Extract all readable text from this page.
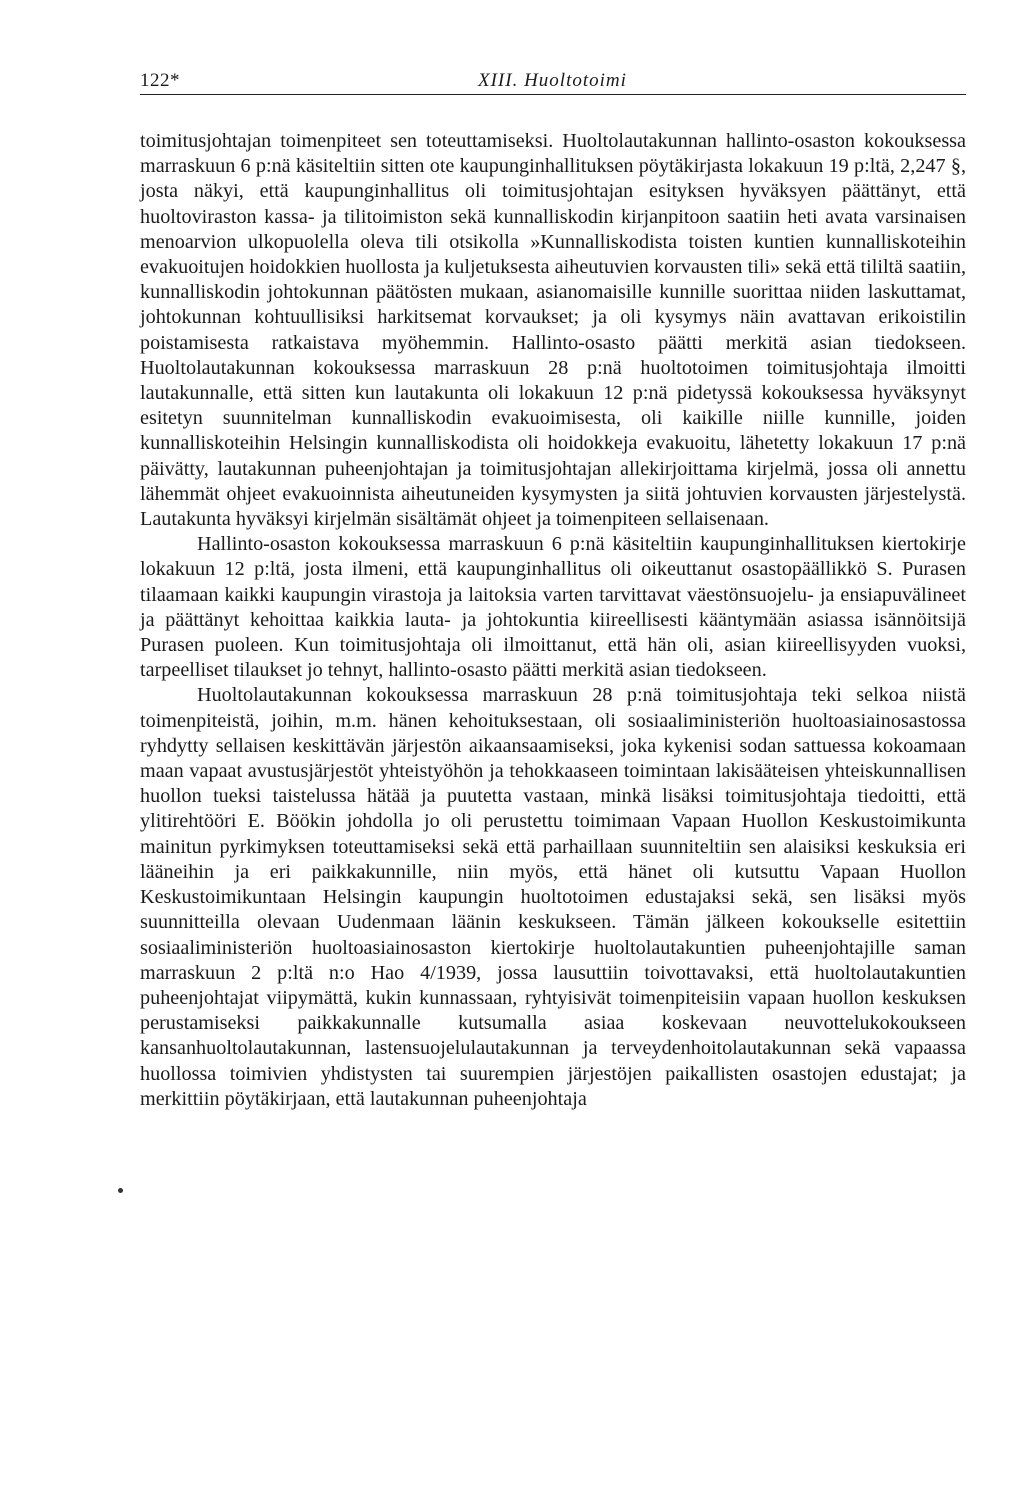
122*	XIII. Huoltotoimi

toimitusjohtajan toimenpiteet sen toteuttamiseksi. Huoltolautakunnan hallinto-osaston kokouksessa marraskuun 6 p:nä käsiteltiin sitten ote kaupunginhallituksen pöytäkirjasta lokakuun 19 p:ltä, 2,247 §, josta näkyi, että kaupunginhallitus oli toimitusjohtajan esityksen hyväksyen päättänyt, että huoltoviraston kassa- ja tilitoimiston sekä kunnalliskodin kirjanpitoon saatiin heti avata varsinaisen menoarvion ulkopuolella oleva tili otsikolla »Kunnalliskodista toisten kuntien kunnalliskoteihin evakuoitujen hoidokkien huollosta ja kuljetuksesta aiheutuvien korvausten tili» sekä että tililtä saatiin, kunnalliskodin johtokunnan päätösten mukaan, asianomaisille kunnille suorittaa niiden laskuttamat, johtokunnan kohtuullisiksi harkitsemat korvaukset; ja oli kysymys näin avattavan erikoistilin poistamisesta ratkaistava myöhemmin. Hallinto-osasto päätti merkitä asian tiedokseen. Huoltolautakunnan kokouksessa marraskuun 28 p:nä huoltotoimen toimitusjohtaja ilmoitti lautakunnalle, että sitten kun lautakunta oli lokakuun 12 p:nä pidetyssä kokouksessa hyväksynyt esitetyn suunnitelman kunnalliskodin evakuoimisesta, oli kaikille niille kunnille, joiden kunnalliskoteihin Helsingin kunnalliskodista oli hoidokkeja evakuoitu, lähetetty lokakuun 17 p:nä päivätty, lautakunnan puheenjohtajan ja toimitusjohtajan allekirjoittama kirjelmä, jossa oli annettu lähemmät ohjeet evakuoinnista aiheutuneiden kysymysten ja siitä johtuvien korvausten järjestelystä. Lautakunta hyväksyi kirjelmän sisältämät ohjeet ja toimenpiteen sellaisenaan.

Hallinto-osaston kokouksessa marraskuun 6 p:nä käsiteltiin kaupunginhallituksen kiertokirje lokakuun 12 p:ltä, josta ilmeni, että kaupunginhallitus oli oikeuttanut osastopäällikkö S. Purasen tilaamaan kaikki kaupungin virastoja ja laitoksia varten tarvittavat väestönsuojelu- ja ensiapuvälineet ja päättänyt kehoittaa kaikkia lauta- ja johtokuntia kiireellisesti kääntymään asiassa isännöitsijä Purasen puoleen. Kun toimitusjohtaja oli ilmoittanut, että hän oli, asian kiireellisyyden vuoksi, tarpeelliset tilaukset jo tehnyt, hallinto-osasto päätti merkitä asian tiedokseen.

Huoltolautakunnan kokouksessa marraskuun 28 p:nä toimitusjohtaja teki selkoa niistä toimenpiteistä, joihin, m.m. hänen kehoituksestaan, oli sosiaaliministeriön huoltoasiainosastossa ryhdytty sellaisen keskittävän järjestön aikaansaamiseksi, joka kykenisi sodan sattuessa kokoamaan maan vapaat avustusjärjestöt yhteistyöhön ja tehokkaaseen toimintaan lakisääteisen yhteiskunnallisen huollon tueksi taistelussa hätää ja puutetta vastaan, minkä lisäksi toimitusjohtaja tiedoitti, että ylitirehtööri E. Böökin johdolla jo oli perustettu toimimaan Vapaan Huollon Keskustoimikunta mainitun pyrkimyksen toteuttamiseksi sekä että parhaillaan suunniteltiin sen alaisiksi keskuksia eri lääneihin ja eri paikkakunnille, niin myös, että hänet oli kutsuttu Vapaan Huollon Keskustoimikuntaan Helsingin kaupungin huoltotoimen edustajaksi sekä, sen lisäksi myös suunnitteilla olevaan Uudenmaan läänin keskukseen. Tämän jälkeen kokoukselle esitettiin sosiaaliministeriön huoltoasiainosaston kiertokirje huoltolautakuntien puheenjohtajille saman marraskuun 2 p:ltä n:o Hao 4/1939, jossa lausuttiin toivottavaksi, että huoltolautakuntien puheenjohtajat viipymättä, kukin kunnassaan, ryhtyisivät toimenpiteisiin vapaan huollon keskuksen perustamiseksi paikkakunnalle kutsumalla asiaa koskevaan neuvottelukokoukseen kansanhuoltolautakunnan, lastensuojelulautakunnan ja terveydenhoitolautakunnan sekä vapaassa huollossa toimivien yhdistysten tai suurempien järjestöjen paikallisten osastojen edustajat; ja merkittiin pöytäkirjaan, että lautakunnan puheenjohtaja
